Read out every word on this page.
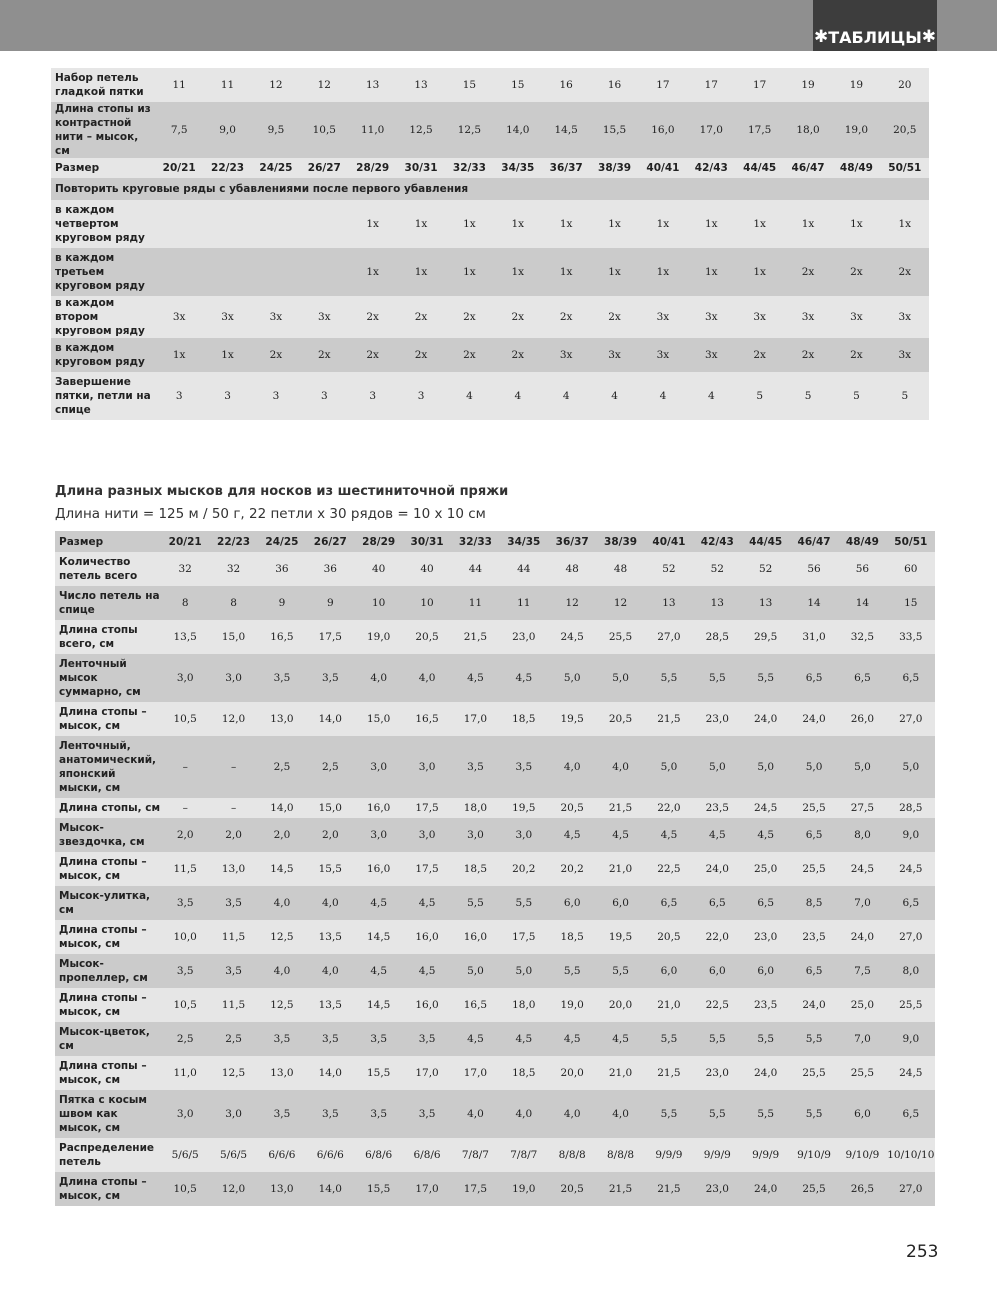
✱ ТАБЛИЦЫ ✱
Набор петель гладкой пятки	11	11	12	12	13	13	15	15	16	16	17	17	17	19	19	20
Длина стопы из контрастной нити – мысок, см	7,5	9,0	9,5	10,5	11,0	12,5	12,5	14,0	14,5	15,5	16,0	17,0	17,5	18,0	19,0	20,5
Размер	20/21	22/23	24/25	26/27	28/29	30/31	32/33	34/35	36/37	38/39	40/41	42/43	44/45	46/47	48/49	50/51
Повторить круговые ряды с убавлениями после первого убавления																
в каждом четвертом круговом ряду					1x	1x	1x	1x	1x	1x	1x	1x	1x	1x	1x	1x
в каждом третьем круговом ряду					1x	1x	1x	1x	1x	1x	1x	1x	1x	2x	2x	2x
в каждом втором круговом ряду	3x	3x	3x	3x	2x	2x	2x	2x	2x	2x	3x	3x	3x	3x	3x	3x
в каждом круговом ряду	1x	1x	2x	2x	2x	2x	2x	2x	3x	3x	3x	3x	2x	2x	2x	3x
Завершение пятки, петли на спице	3	3	3	3	3	3	4	4	4	4	4	4	5	5	5	5
Длина разных мысков для носков из шестиниточной пряжи
Длина нити = 125 м / 50 г, 22 петли х 30 рядов = 10 х 10 см
Размер	20/21	22/23	24/25	26/27	28/29	30/31	32/33	34/35	36/37	38/39	40/41	42/43	44/45	46/47	48/49	50/51
Количество петель всего	32	32	36	36	40	40	44	44	48	48	52	52	52	56	56	60
Число петель на спице	8	8	9	9	10	10	11	11	12	12	13	13	13	14	14	15
Длина стопы всего, см	13,5	15,0	16,5	17,5	19,0	20,5	21,5	23,0	24,5	25,5	27,0	28,5	29,5	31,0	32,5	33,5
Ленточный мысок суммарно, см	3,0	3,0	3,5	3,5	4,0	4,0	4,5	4,5	5,0	5,0	5,5	5,5	5,5	6,5	6,5	6,5
Длина стопы – мысок, см	10,5	12,0	13,0	14,0	15,0	16,5	17,0	18,5	19,5	20,5	21,5	23,0	24,0	24,0	26,0	27,0
Ленточный, анатомический, японский мыски, см	–	–	2,5	2,5	3,0	3,0	3,5	3,5	4,0	4,0	5,0	5,0	5,0	5,0	5,0	5,0
Длина стопы, см	–	–	14,0	15,0	16,0	17,5	18,0	19,5	20,5	21,5	22,0	23,5	24,5	25,5	27,5	28,5
Мысок-звездочка, см	2,0	2,0	2,0	2,0	3,0	3,0	3,0	3,0	4,5	4,5	4,5	4,5	4,5	6,5	8,0	9,0
Длина стопы – мысок, см	11,5	13,0	14,5	15,5	16,0	17,5	18,5	20,2	20,2	21,0	22,5	24,0	25,0	25,5	24,5	24,5
Мысок-улитка, см	3,5	3,5	4,0	4,0	4,5	4,5	5,5	5,5	6,0	6,0	6,5	6,5	6,5	8,5	7,0	6,5
Длина стопы – мысок, см	10,0	11,5	12,5	13,5	14,5	16,0	16,0	17,5	18,5	19,5	20,5	22,0	23,0	23,5	24,0	27,0
Мысок-пропеллер, см	3,5	3,5	4,0	4,0	4,5	4,5	5,0	5,0	5,5	5,5	6,0	6,0	6,0	6,5	7,5	8,0
Длина стопы – мысок, см	10,5	11,5	12,5	13,5	14,5	16,0	16,5	18,0	19,0	20,0	21,0	22,5	23,5	24,0	25,0	25,5
Мысок-цветок, см	2,5	2,5	3,5	3,5	3,5	3,5	4,5	4,5	4,5	4,5	5,5	5,5	5,5	5,5	7,0	9,0
Длина стопы – мысок, см	11,0	12,5	13,0	14,0	15,5	17,0	17,0	18,5	20,0	21,0	21,5	23,0	24,0	25,5	25,5	24,5
Пятка с косым швом как мысок, см	3,0	3,0	3,5	3,5	3,5	3,5	4,0	4,0	4,0	4,0	5,5	5,5	5,5	5,5	6,0	6,5
Распределение петель	5/6/5	5/6/5	6/6/6	6/6/6	6/8/6	6/8/6	7/8/7	7/8/7	8/8/8	8/8/8	9/9/9	9/9/9	9/9/9	9/10/9	9/10/9	10/10/10
Длина стопы – мысок, см	10,5	12,0	13,0	14,0	15,5	17,0	17,5	19,0	20,5	21,5	21,5	23,0	24,0	25,5	26,5	27,0
253
